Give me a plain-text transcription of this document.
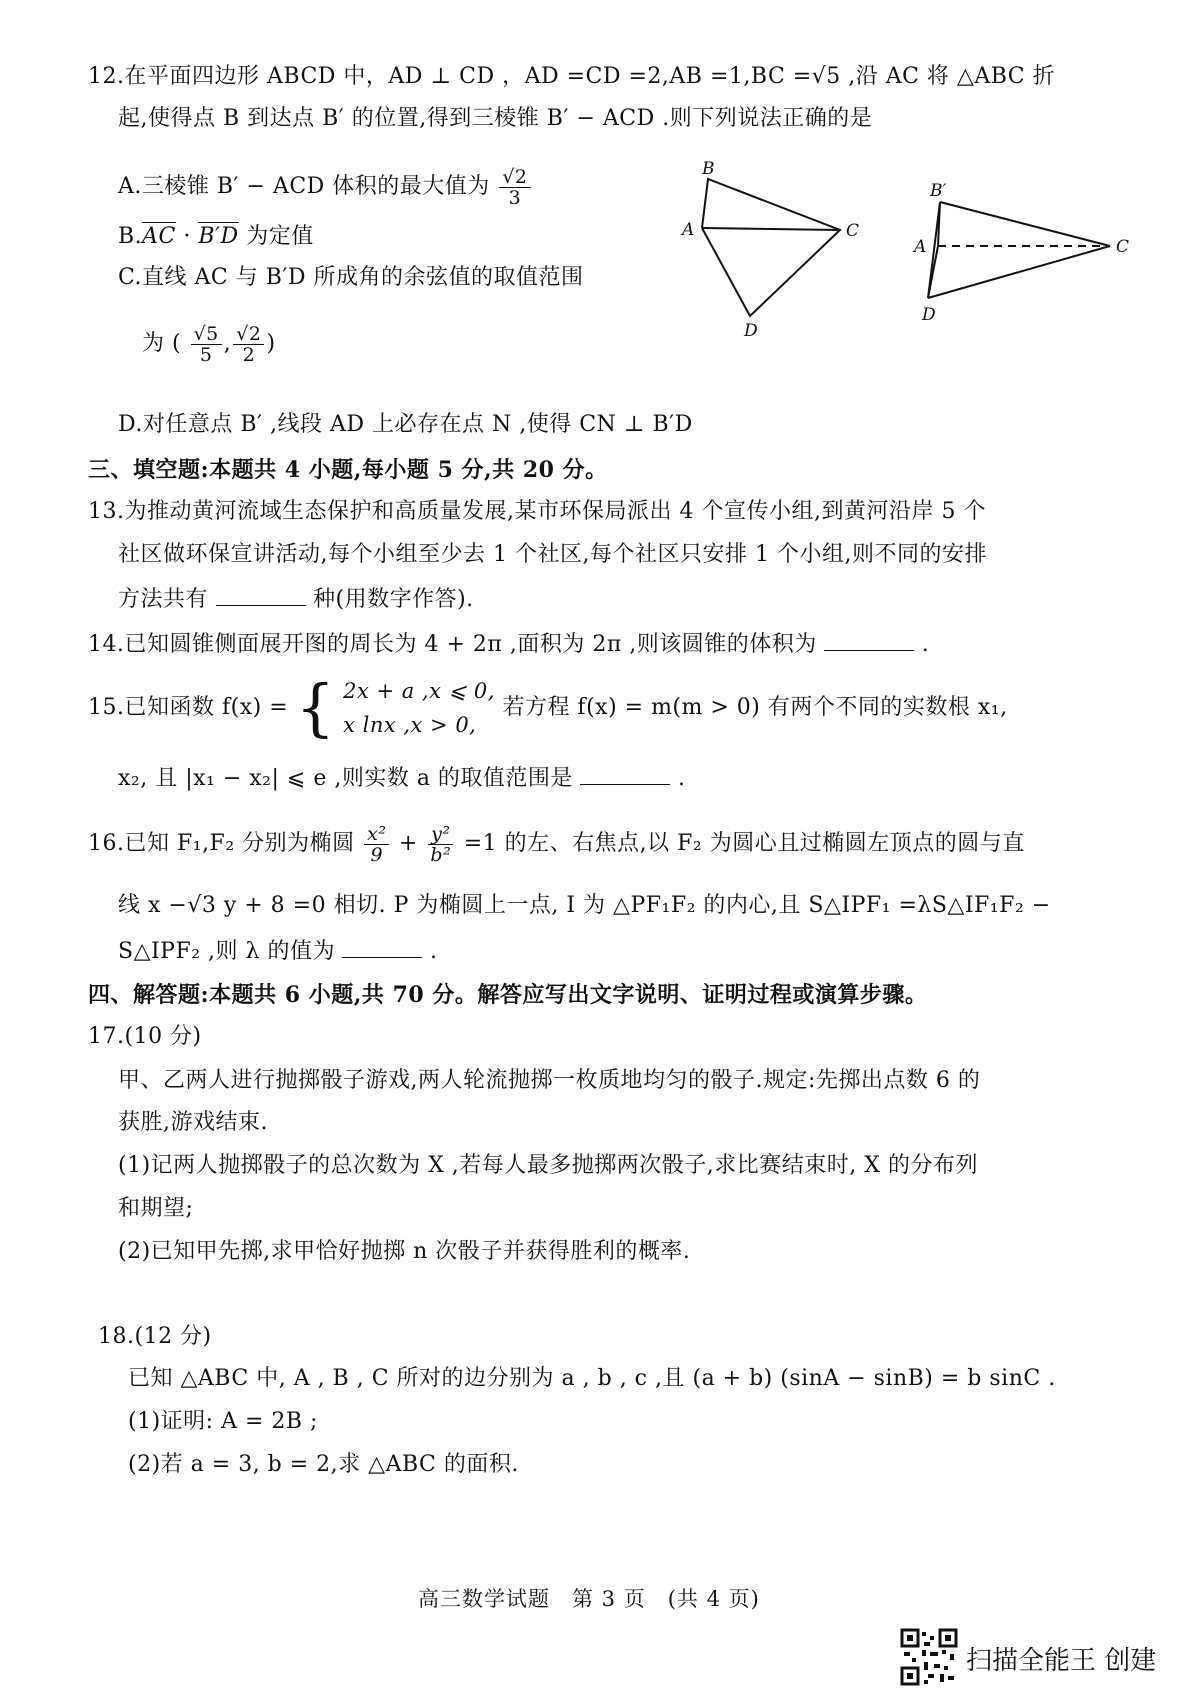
12.在平面四边形 ABCD 中，AD ⊥ CD ，AD =CD =2,AB =1,BC =√5 ,沿 AC 将 △ABC 折
起,使得点 B 到达点 B′ 的位置,得到三棱锥 B′ − ACD .则下列说法正确的是
A.三棱锥 B′ − ACD 体积的最大值为 $\frac{√2}{3}$
B.AC · B′D 为定值
C.直线 AC 与 B′D 所成角的余弦值的取值范围
为 ( $\frac{√5}{5}$ , $\frac{√2}{2}$ )
D.对任意点 B′ ,线段 AD 上必存在点 N ,使得 CN ⊥ B′D
B
A	C
D
B′
A	C
D
三、填空题:本题共 4 小题,每小题 5 分,共 20 分。
13.为推动黄河流域生态保护和高质量发展,某市环保局派出 4 个宣传小组,到黄河沿岸 5 个
社区做环保宣讲活动,每个小组至少去 1 个社区,每个社区只安排 1 个小组,则不同的安排
方法共有	种(用数字作答).
14.已知圆锥侧面展开图的周长为 4 + 2π ,面积为 2π ,则该圆锥的体积为	.
15.已知函数 f(x) = { 2x + a ,x ⩽ 0,
x lnx ,x > 0,
若方程 f(x) = m(m > 0) 有两个不同的实数根 x₁,
x₂, 且 |x₁ − x₂| ⩽ e ,则实数 a 的取值范围是	.
16.已知 F₁,F₂ 分别为椭圆 $\frac{\text{x²}}{9} + \frac{\text{y²}}{\text{b²}} =1$ 的左、右焦点,以 F₂ 为圆心且过椭圆左顶点的圆与直
线 x −√3 y + 8 =0 相切. P 为椭圆上一点, I 为 △PF₁F₂ 的内心,且 S△IPF₁ =λS△IF₁F₂ −
S△IPF₂ ,则 λ 的值为	.
四、解答题:本题共 6 小题,共 70 分。解答应写出文字说明、证明过程或演算步骤。
17.(10 分)
甲、乙两人进行抛掷骰子游戏,两人轮流抛掷一枚质地均匀的骰子.规定:先掷出点数 6 的
获胜,游戏结束.
(1)记两人抛掷骰子的总次数为 X ,若每人最多抛掷两次骰子,求比赛结束时, X 的分布列
和期望;
(2)已知甲先掷,求甲恰好抛掷 n 次骰子并获得胜利的概率.
18.(12 分)
已知 △ABC 中, A , B , C 所对的边分别为 a , b , c ,且 (a + b) (sinA − sinB) = b sinC .
(1)证明: A = 2B ;
(2)若 a = 3, b = 2,求 △ABC 的面积.
高三数学试题　第 3 页　(共 4 页)
扫描全能王 创建
